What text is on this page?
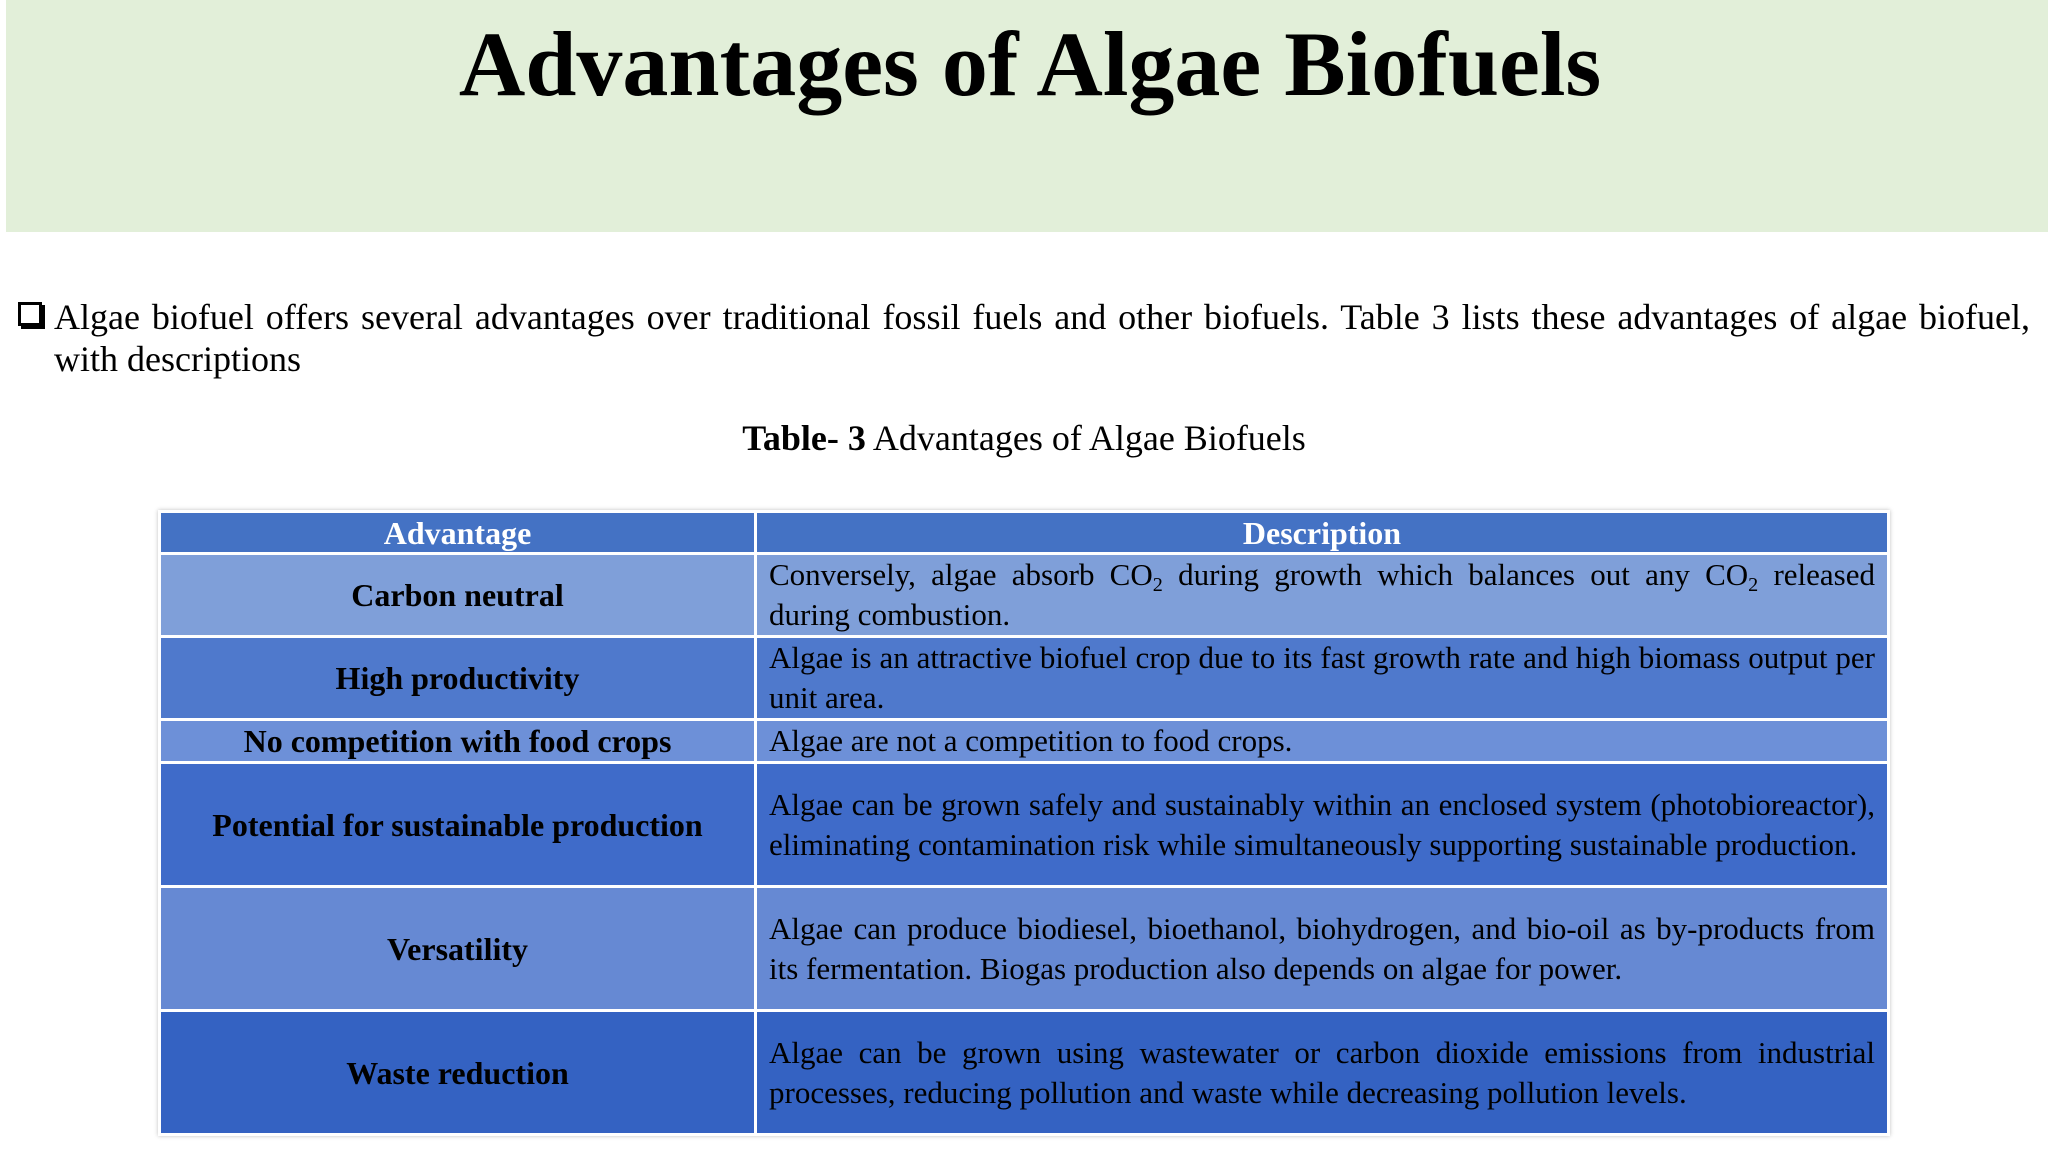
Advantages of Algae Biofuels
Algae biofuel offers several advantages over traditional fossil fuels and other biofuels. Table 3 lists these advantages of algae biofuel, with descriptions
Table- 3 Advantages of Algae Biofuels
Advantage	Description
Carbon neutral	Conversely, algae absorb $CO_2$ during growth which balances out any $CO_2$ released during combustion.
High productivity	Algae is an attractive biofuel crop due to its fast growth rate and high biomass output per unit area.
No competition with food crops	Algae are not a competition to food crops.
Potential for sustainable production	Algae can be grown safely and sustainably within an enclosed system (photobioreactor), eliminating contamination risk while simultaneously supporting sustainable production.
Versatility	Algae can produce biodiesel, bioethanol, biohydrogen, and bio-oil as by-products from its fermentation. Biogas production also depends on algae for power.
Waste reduction	Algae can be grown using wastewater or carbon dioxide emissions from industrial processes, reducing pollution and waste while decreasing pollution levels.
